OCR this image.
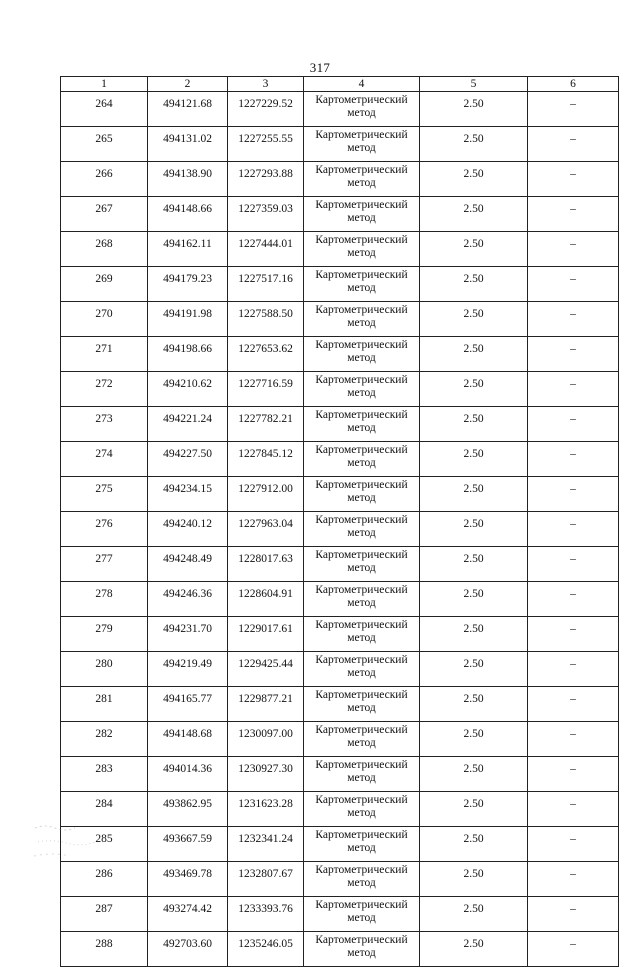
317
1	2	3	4	5	6
264	494121.68	1227229.52	Картометрический метод	2.50	–
265	494131.02	1227255.55	Картометрический метод	2.50	–
266	494138.90	1227293.88	Картометрический метод	2.50	–
267	494148.66	1227359.03	Картометрический метод	2.50	–
268	494162.11	1227444.01	Картометрический метод	2.50	–
269	494179.23	1227517.16	Картометрический метод	2.50	–
270	494191.98	1227588.50	Картометрический метод	2.50	–
271	494198.66	1227653.62	Картометрический метод	2.50	–
272	494210.62	1227716.59	Картометрический метод	2.50	–
273	494221.24	1227782.21	Картометрический метод	2.50	–
274	494227.50	1227845.12	Картометрический метод	2.50	–
275	494234.15	1227912.00	Картометрический метод	2.50	–
276	494240.12	1227963.04	Картометрический метод	2.50	–
277	494248.49	1228017.63	Картометрический метод	2.50	–
278	494246.36	1228604.91	Картометрический метод	2.50	–
279	494231.70	1229017.61	Картометрический метод	2.50	–
280	494219.49	1229425.44	Картометрический метод	2.50	–
281	494165.77	1229877.21	Картометрический метод	2.50	–
282	494148.68	1230097.00	Картометрический метод	2.50	–
283	494014.36	1230927.30	Картометрический метод	2.50	–
284	493862.95	1231623.28	Картометрический метод	2.50	–
285	493667.59	1232341.24	Картометрический метод	2.50	–
286	493469.78	1232807.67	Картометрический метод	2.50	–
287	493274.42	1233393.76	Картометрический метод	2.50	–
288	492703.60	1235246.05	Картометрический метод	2.50	–
